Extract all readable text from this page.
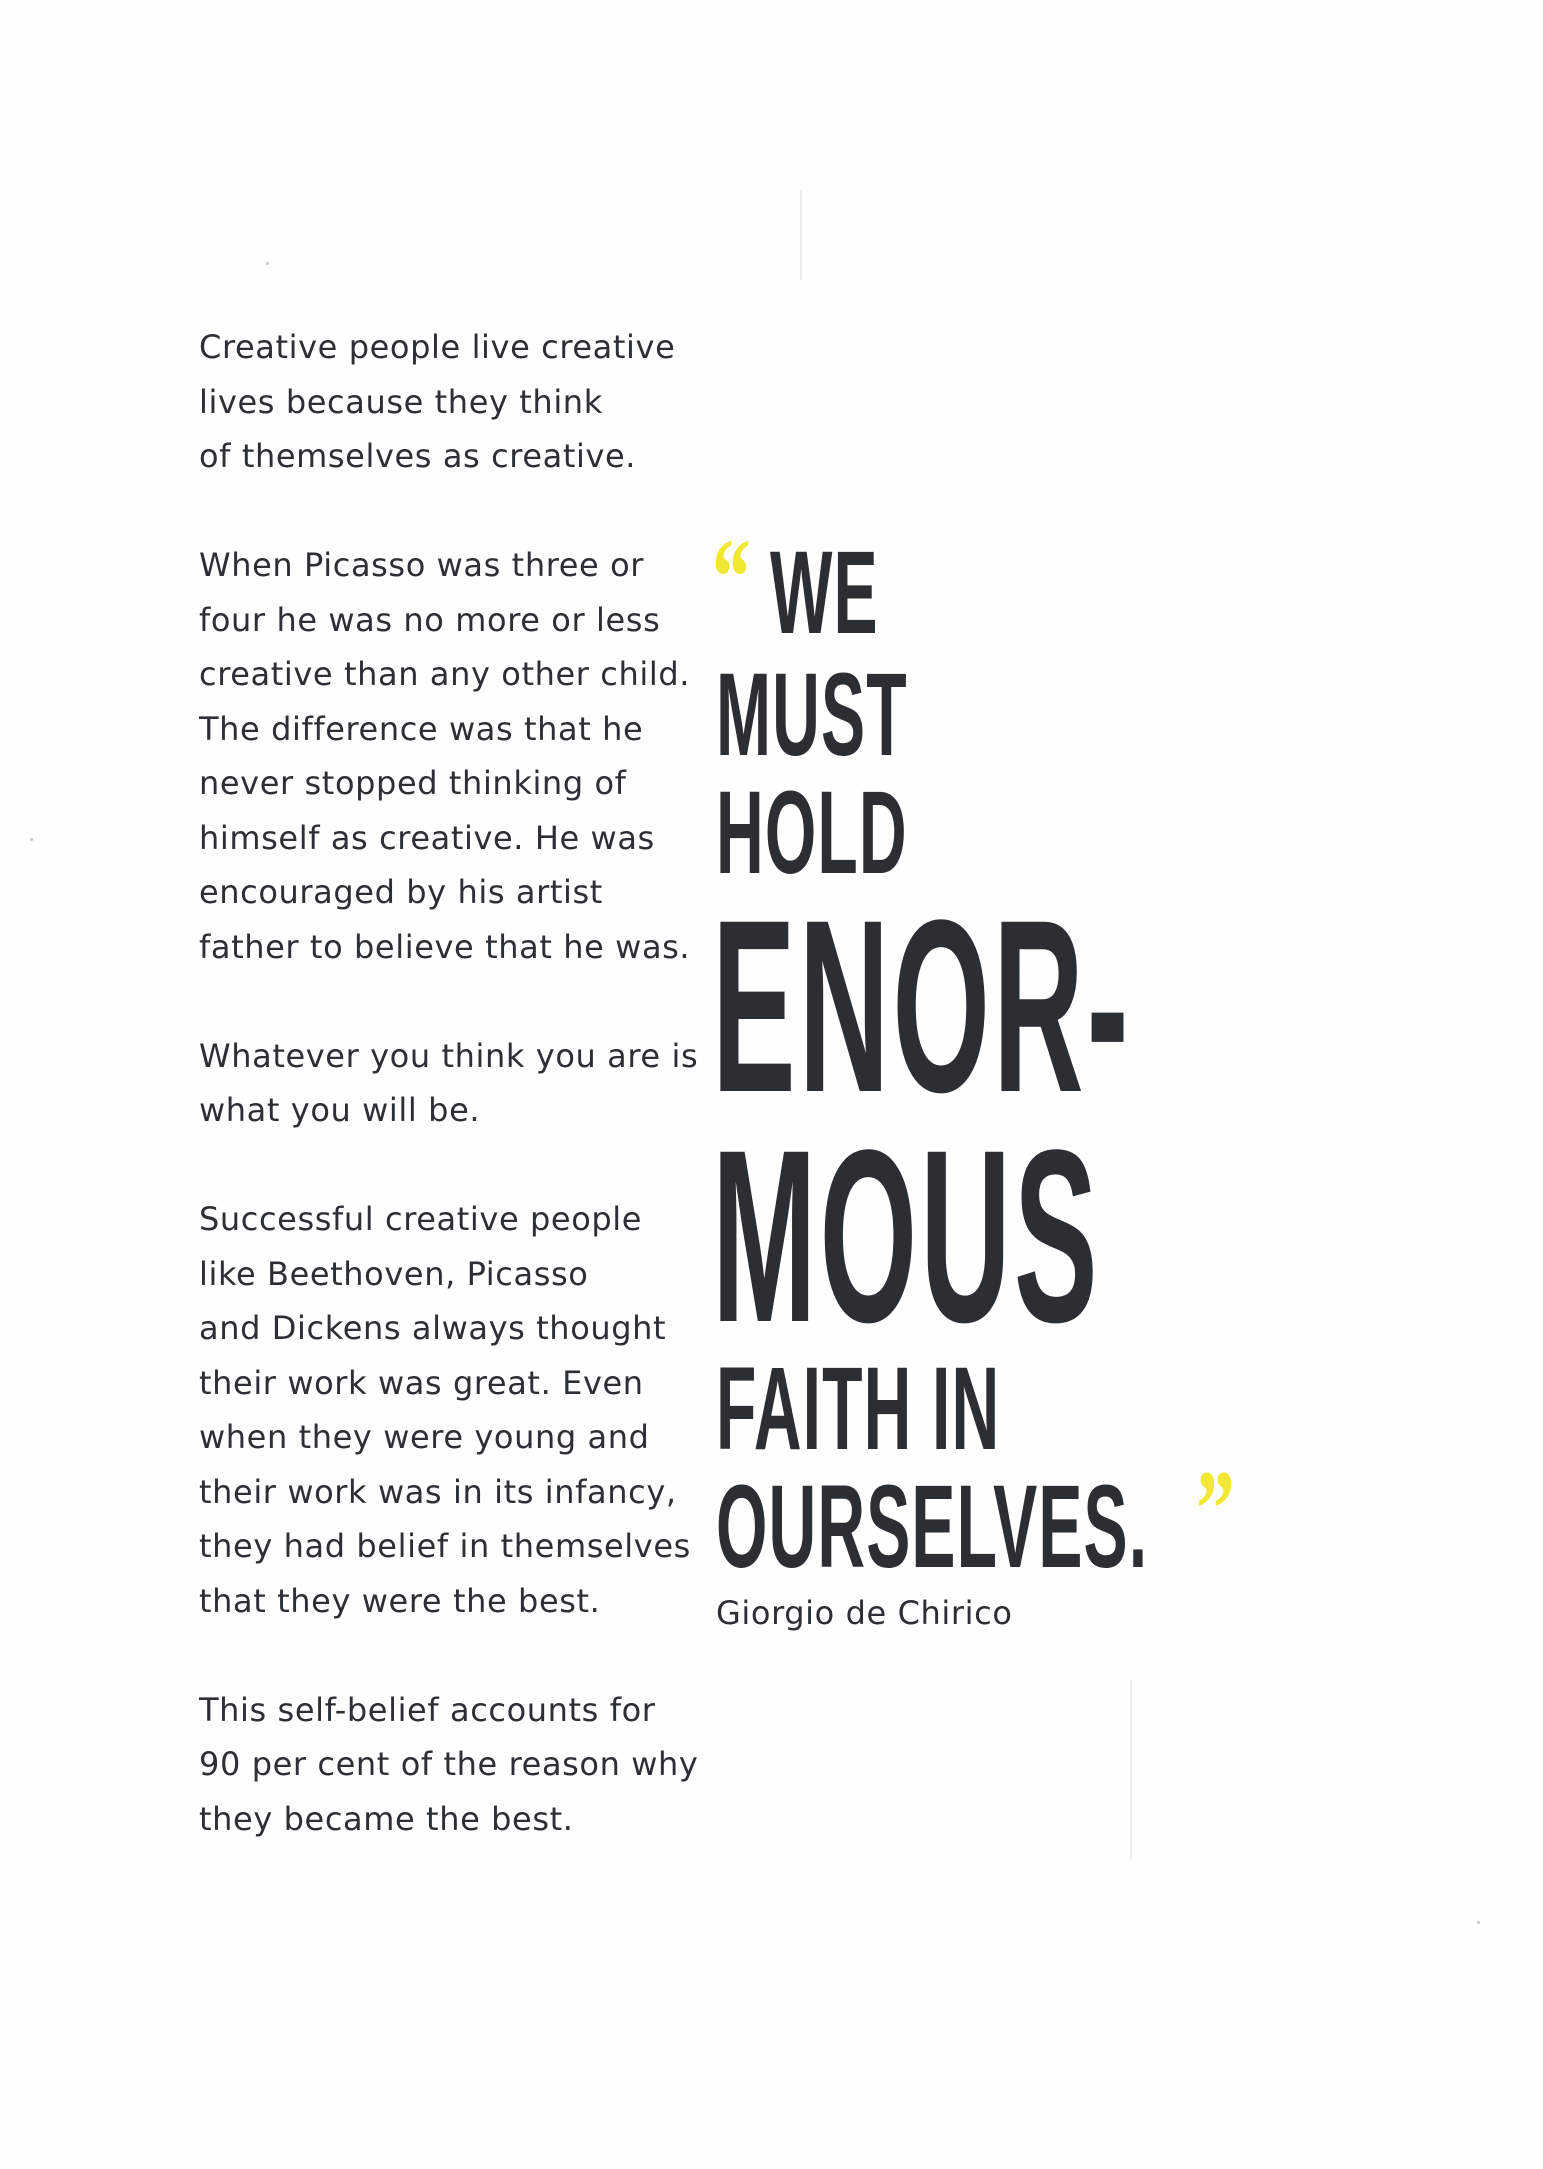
Creative people live creative
lives because they think
of themselves as creative.

When Picasso was three or
four he was no more or less
creative than any other child.
The difference was that he
never stopped thinking of
himself as creative. He was
encouraged by his artist
father to believe that he was.

Whatever you think you are is
what you will be.

Successful creative people
like Beethoven, Picasso
and Dickens always thought
their work was great. Even
when they were young and
their work was in its infancy,
they had belief in themselves
that they were the best.

This self-belief accounts for
90 per cent of the reason why
they became the best.

“ WE
MUST
HOLD
ENOR-
MOUS
FAITH IN
OURSELVES. ”
Giorgio de Chirico
